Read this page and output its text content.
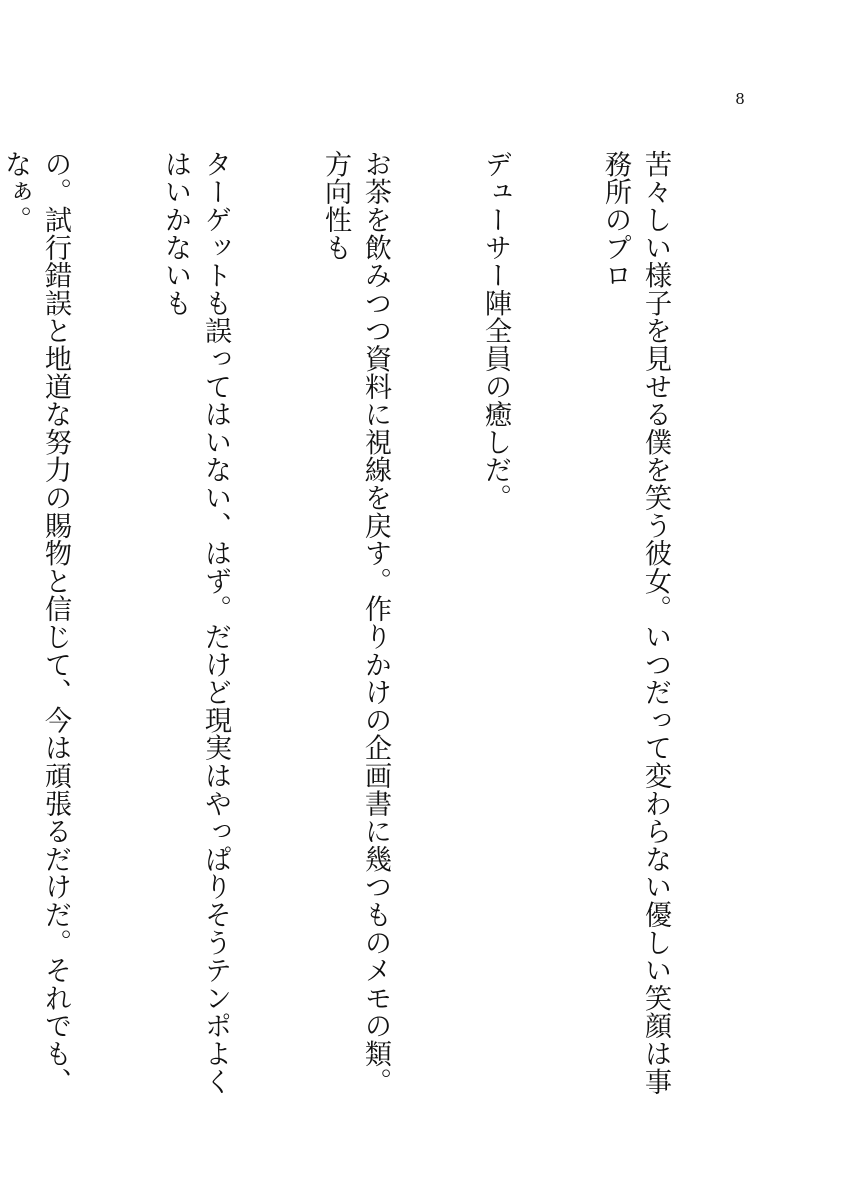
8

苦々しい様子を見せる僕を笑う彼女。いつだって変わらない優しい笑顔は事務所のプロ

デューサー陣全員の癒しだ。

お茶を飲みつつ資料に視線を戻す。作りかけの企画書に幾つものメモの類。方向性も

ターゲットも誤ってはいない、はず。だけど現実はやっぱりそうテンポよくはいかないも

の。試行錯誤と地道な努力の賜物と信じて、今は頑張るだけだ。それでも、なぁ。
